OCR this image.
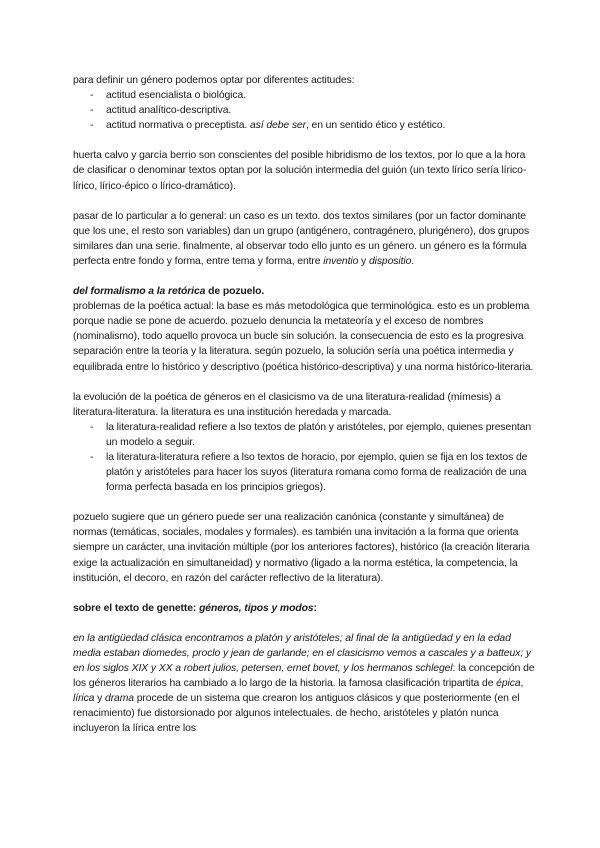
para definir un género podemos optar por diferentes actitudes:

- actitud esencialista o biológica.
- actitud analítico-descriptiva.
- actitud normativa o preceptista. así debe ser, en un sentido ético y estético.

huerta calvo y garcía berrio son conscientes del posible hibridismo de los textos, por lo que a la hora de clasificar o denominar textos optan por la solución intermedia del guión (un texto lírico sería lírico-lírico, lírico-épico o lírico-dramático).

pasar de lo particular a lo general: un caso es un texto. dos textos similares (por un factor dominante que los une, el resto son variables) dan un grupo (antigénero, contragénero, plurigénero), dos grupos similares dan una serie. finalmente, al observar todo ello junto es un género. un género es la fórmula perfecta entre fondo y forma, entre tema y forma, entre inventio y dispositio.

del formalismo a la retórica de pozuelo.

problemas de la poética actual: la base es más metodológica que terminológica. esto es un problema porque nadie se pone de acuerdo. pozuelo denuncia la metateoría y el exceso de nombres (nominalismo), todo aquello provoca un bucle sin solución. la consecuencia de esto es la progresiva separación entre la teoría y la literatura. según pozuelo, la solución sería una poética intermedia y equilibrada entre lo histórico y descriptivo (poética histórico-descriptiva) y una norma histórico-literaria.

la evolución de la poética de géneros en el clasicismo va de una literatura-realidad (mímesis) a literatura-literatura. la literatura es una institución heredada y marcada.

- la literatura-realidad refiere a lso textos de platón y aristóteles, por ejemplo, quienes presentan un modelo a seguir.
- la literatura-literatura refiere a lso textos de horacio, por ejemplo, quien se fija en los textos de platón y aristóteles para hacer los suyos (literatura romana como forma de realización de una forma perfecta basada en los principios griegos).

pozuelo sugiere que un género puede ser una realización canónica (constante y simultánea) de normas (temáticas, sociales, modales y formales). es también una invitación a la forma que orienta siempre un carácter, una invitación múltiple (por los anteriores factores), histórico (la creación literaria exige la actualización en simultaneidad) y normativo (ligado a la norma estética, la competencia, la institución, el decoro, en razón del carácter reflectivo de la literatura).

sobre el texto de genette: géneros, tipos y modos:

en la antigüedad clásica encontramos a platón y aristóteles; al final de la antigüedad y en la edad media estaban diomedes, proclo y jean de garlande; en el clasicismo vemos a cascales y a batteux; y en los siglos XIX y XX a robert julios, petersen, ernet bovet, y los hermanos schlegel: la concepción de los géneros literarios ha cambiado a lo largo de la historia. la famosa clasificación tripartita de épica, lírica y drama procede de un sistema que crearon los antiguos clásicos y que posteriormente (en el renacimiento) fue distorsionado por algunos intelectuales. de hecho, aristóteles y platón nunca incluyeron la lírica entre los
